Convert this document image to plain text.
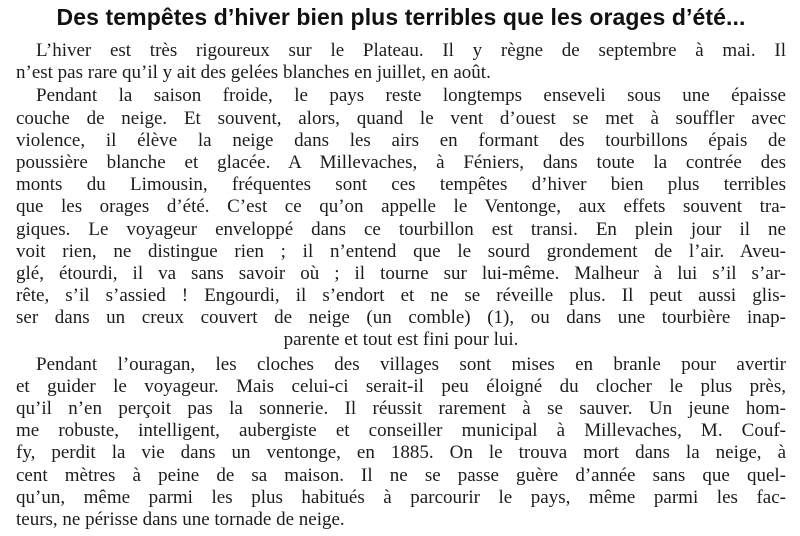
Des tempêtes d’hiver bien plus terribles que les orages d’été...
L’hiver est très rigoureux sur le Plateau. Il y règne de septembre à mai. Il
n’est pas rare qu’il y ait des gelées blanches en juillet, en août.
Pendant la saison froide, le pays reste longtemps enseveli sous une épaisse
couche de neige. Et souvent, alors, quand le vent d’ouest se met à souffler avec
violence, il élève la neige dans les airs en formant des tourbillons épais de
poussière blanche et glacée. A Millevaches, à Féniers, dans toute la contrée des
monts du Limousin, fréquentes sont ces tempêtes d’hiver bien plus terribles
que les orages d’été. C’est ce qu’on appelle le Ventonge, aux effets souvent tra-
giques. Le voyageur enveloppé dans ce tourbillon est transi. En plein jour il ne
voit rien, ne distingue rien ; il n’entend que le sourd grondement de l’air. Aveu-
glé, étourdi, il va sans savoir où ; il tourne sur lui-même. Malheur à lui s’il s’ar-
rête, s’il s’assied ! Engourdi, il s’endort et ne se réveille plus. Il peut aussi glis-
ser dans un creux couvert de neige (un comble) (1), ou dans une tourbière inap-
parente et tout est fini pour lui.
Pendant l’ouragan, les cloches des villages sont mises en branle pour avertir
et guider le voyageur. Mais celui-ci serait-il peu éloigné du clocher le plus près,
qu’il n’en perçoit pas la sonnerie. Il réussit rarement à se sauver. Un jeune hom-
me robuste, intelligent, aubergiste et conseiller municipal à Millevaches, M. Couf-
fy, perdit la vie dans un ventonge, en 1885. On le trouva mort dans la neige, à
cent mètres à peine de sa maison. Il ne se passe guère d’année sans que quel-
qu’un, même parmi les plus habitués à parcourir le pays, même parmi les fac-
teurs, ne périsse dans une tornade de neige.
